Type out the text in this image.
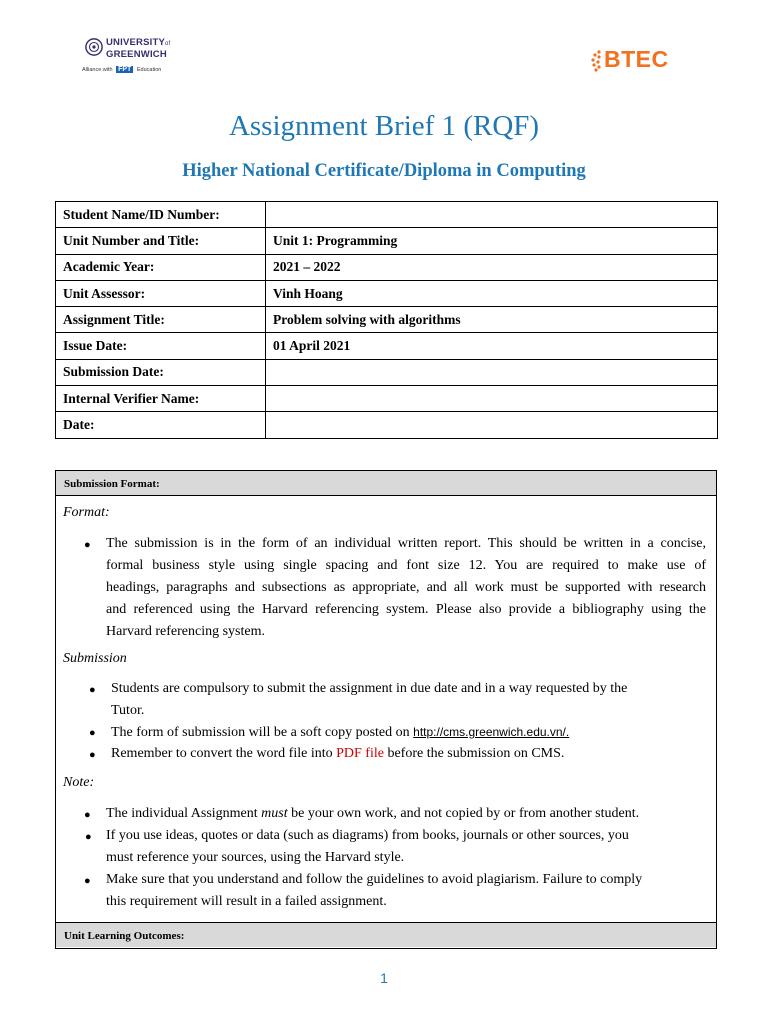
UNIVERSITYof
GREENWICH
Alliance with FPT Education	BTEC
Assignment Brief 1 (RQF)
Higher National Certificate/Diploma in Computing
Student Name/ID Number:	
Unit Number and Title:	Unit 1: Programming
Academic Year:	2021 – 2022
Unit Assessor:	Vinh Hoang
Assignment Title:	Problem solving with algorithms
Issue Date:	01 April 2021
Submission Date:	
Internal Verifier Name:	
Date:	
Submission Format:
Format:
● The submission is in the form of an individual written report. This should be written in a concise,
formal business style using single spacing and font size 12. You are required to make use of
headings, paragraphs and subsections as appropriate, and all work must be supported with research
and referenced using the Harvard referencing system. Please also provide a bibliography using the
Harvard referencing system.
Submission
● Students are compulsory to submit the assignment in due date and in a way requested by the
Tutor.
● The form of submission will be a soft copy posted on http://cms.greenwich.edu.vn/.
● Remember to convert the word file into PDF file before the submission on CMS.
Note:
● The individual Assignment must be your own work, and not copied by or from another student.
● If you use ideas, quotes or data (such as diagrams) from books, journals or other sources, you
must reference your sources, using the Harvard style.
● Make sure that you understand and follow the guidelines to avoid plagiarism. Failure to comply
this requirement will result in a failed assignment.
Unit Learning Outcomes:
1
